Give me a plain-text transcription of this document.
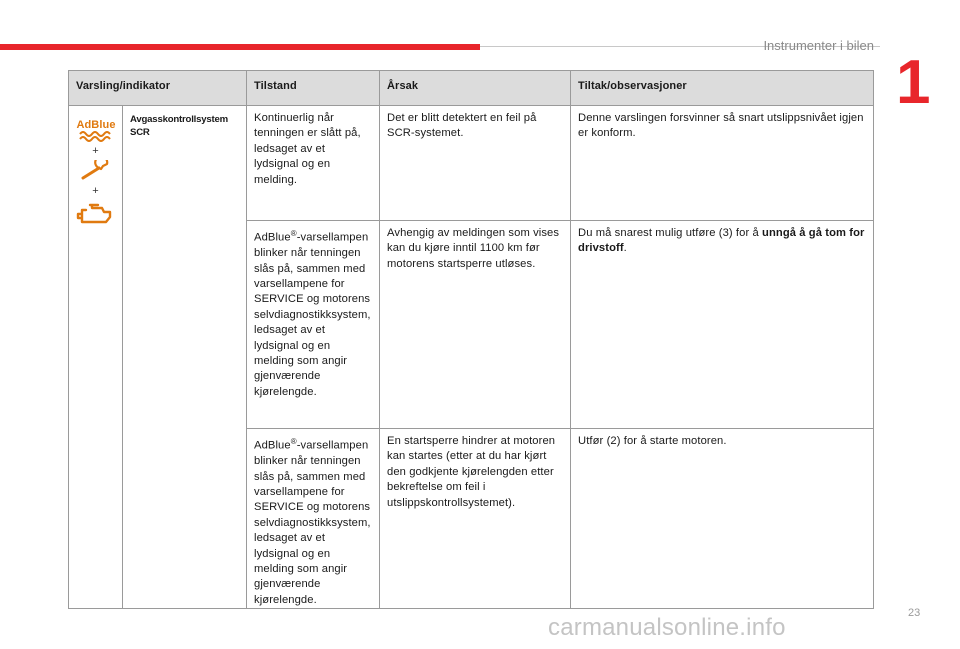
Instrumenter i bilen
1
Varsling/indikator		Tilstand	Årsak	Tiltak/observasjoner

AdBlue
+
+	Avgasskontrollsystem SCR	Kontinuerlig når tenningen er slått på, ledsaget av et lydsignal og en melding.	Det er blitt detektert en feil på SCR-systemet.	Denne varslingen forsvinner så snart utslippsnivået igjen er konform.
		AdBlue®-varsellampen blinker når tenningen slås på, sammen med varsellampene for SERVICE og motorens selvdiagnostikksystem, ledsaget av et lydsignal og en melding som angir gjenværende kjørelengde.	Avhengig av meldingen som vises kan du kjøre inntil 1100 km før motorens startsperre utløses.	Du må snarest mulig utføre (3) for å unngå å gå tom for drivstoff.
		AdBlue®-varsellampen blinker når tenningen slås på, sammen med varsellampene for SERVICE og motorens selvdiagnostikksystem, ledsaget av et lydsignal og en melding som angir gjenværende kjørelengde.	En startsperre hindrer at motoren kan startes (etter at du har kjørt den godkjente kjørelengden etter bekreftelse om feil i utslippskontrollsystemet).	Utfør (2) for å starte motoren.
23
carmanualsonline.info
